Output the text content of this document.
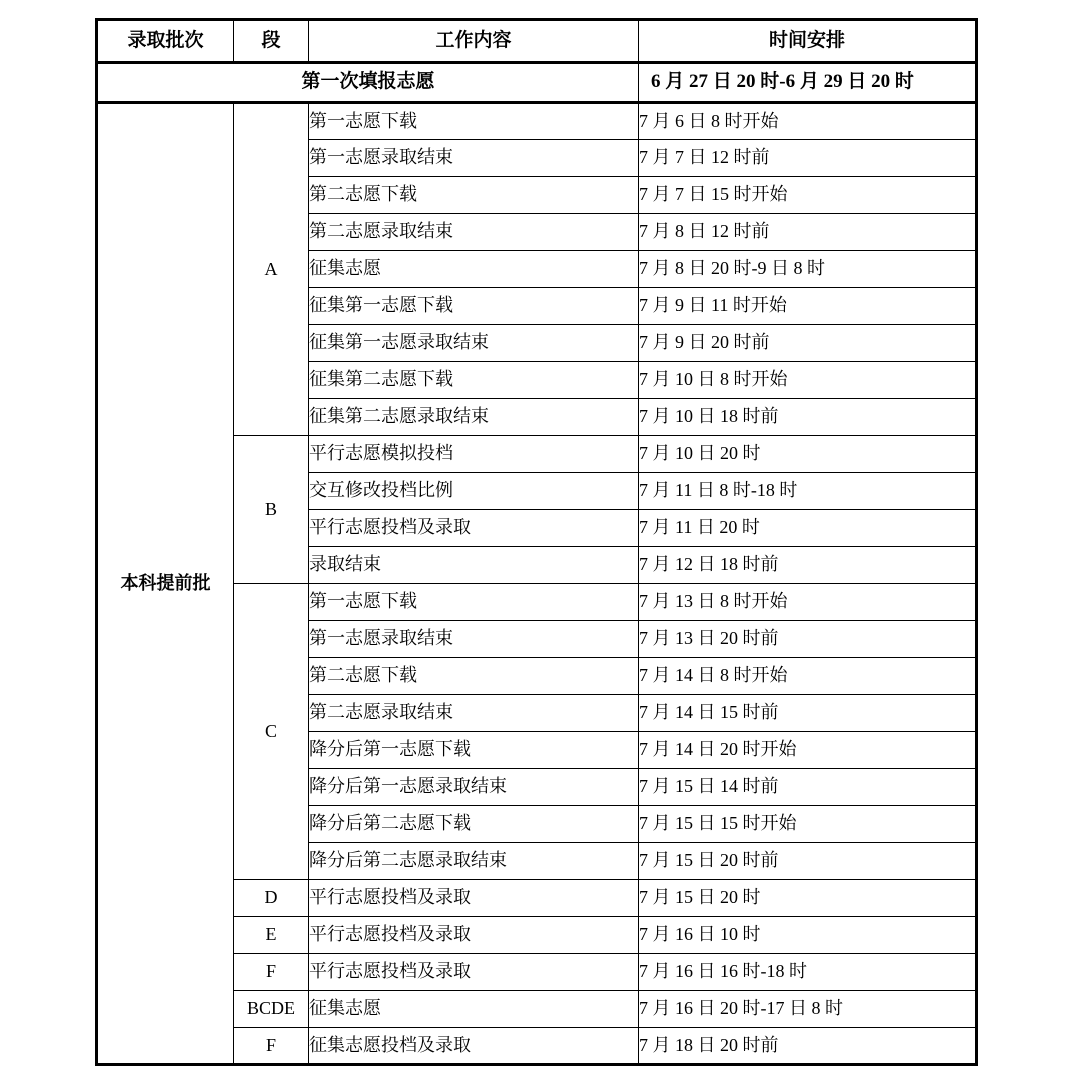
录取批次	段	工作内容	时间安排
第一次填报志愿			6 月 27 日 20 时-6 月 29 日 20 时
本科提前批	A	第一志愿下载	7 月 6 日 8 时开始
		第一志愿录取结束	7 月 7 日 12 时前
		第二志愿下载	7 月 7 日 15 时开始
		第二志愿录取结束	7 月 8 日 12 时前
		征集志愿	7 月 8 日 20 时-9 日 8 时
		征集第一志愿下载	7 月 9 日 11 时开始
		征集第一志愿录取结束	7 月 9 日 20 时前
		征集第二志愿下载	7 月 10 日 8 时开始
		征集第二志愿录取结束	7 月 10 日 18 时前
	B	平行志愿模拟投档	7 月 10 日 20 时
		交互修改投档比例	7 月 11 日 8 时-18 时
		平行志愿投档及录取	7 月 11 日 20 时
		录取结束	7 月 12 日 18 时前
	C	第一志愿下载	7 月 13 日 8 时开始
		第一志愿录取结束	7 月 13 日 20 时前
		第二志愿下载	7 月 14 日 8 时开始
		第二志愿录取结束	7 月 14 日 15 时前
		降分后第一志愿下载	7 月 14 日 20 时开始
		降分后第一志愿录取结束	7 月 15 日 14 时前
		降分后第二志愿下载	7 月 15 日 15 时开始
		降分后第二志愿录取结束	7 月 15 日 20 时前
	D	平行志愿投档及录取	7 月 15 日 20 时
	E	平行志愿投档及录取	7 月 16 日 10 时
	F	平行志愿投档及录取	7 月 16 日 16 时-18 时
	BCDE	征集志愿	7 月 16 日 20 时-17 日 8 时
	F	征集志愿投档及录取	7 月 18 日 20 时前
